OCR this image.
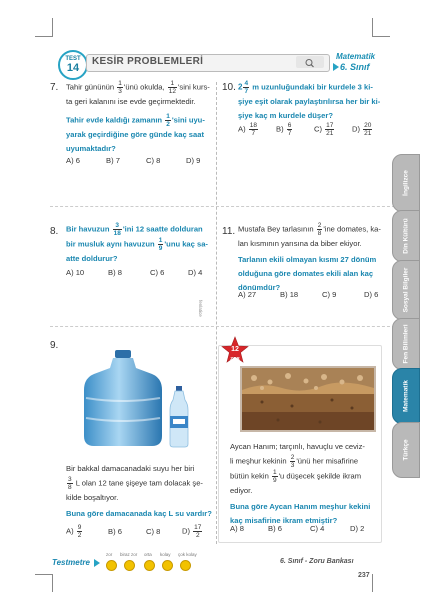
TEST
14
KESİR PROBLEMLERİ	Matematik
6. Sınıf
7. Tahir gününün $\frac{1}{3}$ 'ünü okulda, $\frac{1}{12}$ 'sini kurs-
ta geri kalanını ise evde geçirmektedir.
Tahir evde kaldığı zamanın $\frac{1}{2}$ 'sini uyu-
yarak geçirdiğine göre günde kaç saat
uyumaktadır?
A) 6	B) 7	C) 8	D) 9
10. $2 \frac{4}{7}$ m uzunluğundaki bir kurdele 3 ki-
şiye eşit olarak paylaştırılırsa her bir ki-
şiye kaç m kurdele düşer?
$A) \frac{18}{7} B) \frac{6}{7}$	$C) \frac{17}{21} D) \frac{20}{21}$
8. Bir havuzun $\frac{3}{18}$ 'ini 12 saatte dolduran
bir musluk aynı havuzun $\frac{1}{9}$ 'unu kaç sa-
atte doldurur?
A) 10	B) 8	C) 6	D) 4
11. Mustafa Bey tarlasının $\frac{2}{8}$ 'ine domates, ka-
lan kısmının yarısına da biber ekiyor.
Tarlanın ekili olmayan kısmı 27 dönüm
olduğuna göre domates ekili alan kaç
dönümdür?
A) 27	B) 18	C) 9	D) 6
fenlatice
9.
Bir bakkal damacanadaki suyu her biri
$\frac{3}{8}$ L olan 12 tane şişeye tam dolacak şe-
kilde boşaltıyor.
Buna göre damacanada kaç L su vardır?
$A) \frac{9}{2}$	B) 6	C) 8	$D) \frac{17}{2}$
12
ZOR
Aycan Hanım; tarçınlı, havuçlu ve ceviz-
li meşhur kekinin $\frac{2}{3}$ 'ünü her misafirine
bütün kekin $\frac{1}{9}$ 'u düşecek şekilde ikram
ediyor.
Buna göre Aycan Hanım meşhur kekini
kaç misafirine ikram etmiştir?
A) 8	B) 6	C) 4	D) 2
İngilizce
Din Kültürü
Sosyal Bilgiler
Fen Bilimleri
Matematik
Türkçe
Testmetre
zor biraz zor orta kolay çok kolay
6. Sınıf - Zoru Bankası
237
